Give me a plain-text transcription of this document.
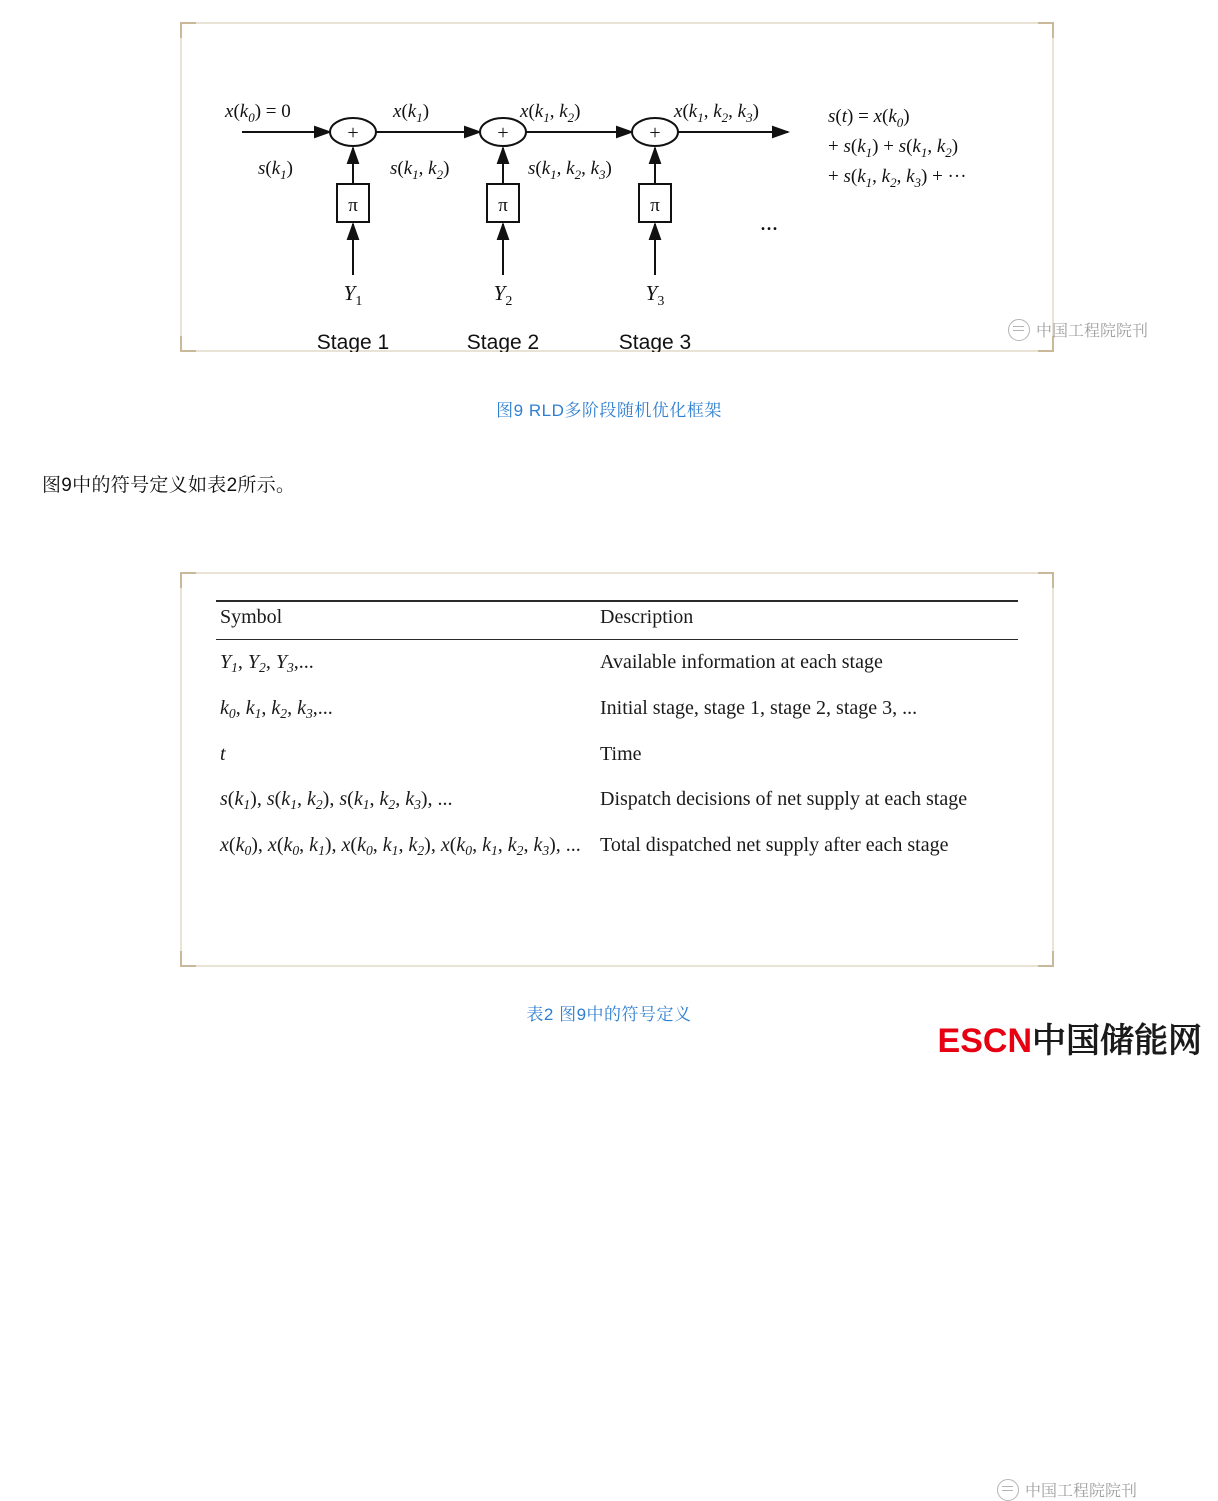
+	+	+
π	π	π
$x(k_0) = 0$	$x(k_1)$	$x(k_1$, $k_2$)	$x(k_1$, $k_2$, $k_3$)
$s(k_1)$	$s(k_1$, $k_2$)	$s(k_1$, $k_2$, $k_3$)
$Y_1$	$Y_2$	$Y_3$
Stage 1	Stage 2	Stage 3
...
$s(t) = x(k_0)$
+ $s(k_1) + s(k_1$, $k_2$)
+ $s(k_1$, $k_2$, $k_3$) + ···
中国工程院院刊
图9 RLD多阶段随机优化框架
图9中的符号定义如表2所示。
Symbol	Description
$Y_1$, $Y_2$, $Y_3$,...	Available information at each stage
$k_0$, $k_1$, $k_2$, $k_3$,...	Initial stage, stage 1, stage 2, stage 3, ...
t	Time
$s(k_1)$, $s(k_1$, $k_2$), $s(k_1$, $k_2$, $k_3$), ...	Dispatch decisions of net supply at each stage
$x(k_0)$, $x(k_0$, $k_1$), $x(k_0$, $k_1$, $k_2$), $x(k_0$, $k_1$, $k_2$, $k_3$), ...	Total dispatched net supply after each stage
中国工程院院刊
表2 图9中的符号定义
ESCN 中国储能网
